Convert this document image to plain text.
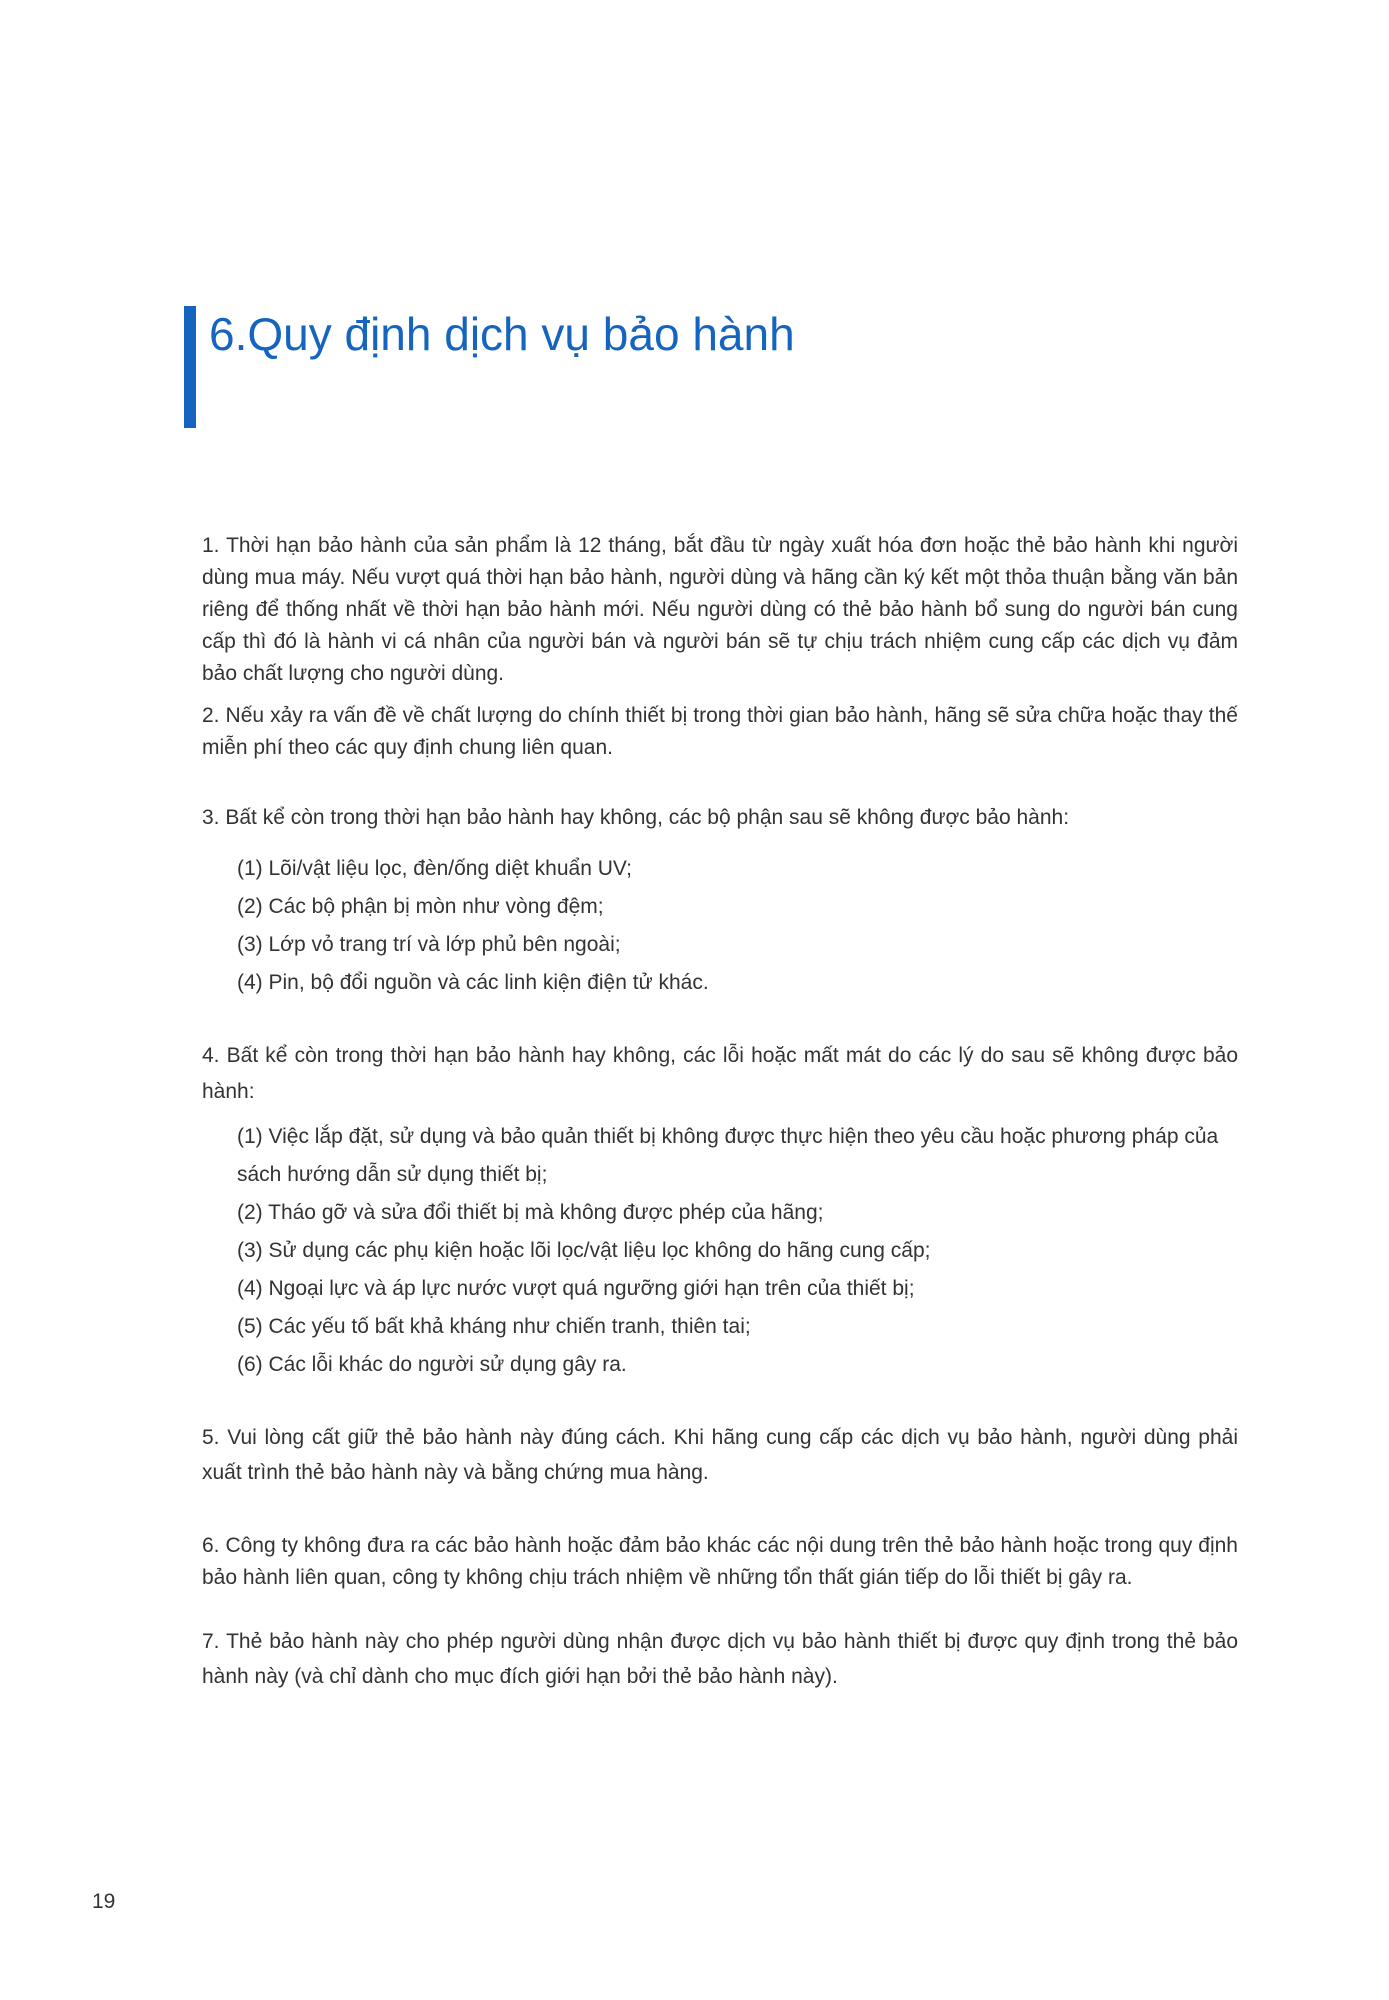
6.Quy định dịch vụ bảo hành

1. Thời hạn bảo hành của sản phẩm là 12 tháng, bắt đầu từ ngày xuất hóa đơn hoặc thẻ bảo hành khi người dùng mua máy. Nếu vượt quá thời hạn bảo hành, người dùng và hãng cần ký kết một thỏa thuận bằng văn bản riêng để thống nhất về thời hạn bảo hành mới. Nếu người dùng có thẻ bảo hành bổ sung do người bán cung cấp thì đó là hành vi cá nhân của người bán và người bán sẽ tự chịu trách nhiệm cung cấp các dịch vụ đảm bảo chất lượng cho người dùng.

2. Nếu xảy ra vấn đề về chất lượng do chính thiết bị trong thời gian bảo hành, hãng sẽ sửa chữa hoặc thay thế miễn phí theo các quy định chung liên quan.

3. Bất kể còn trong thời hạn bảo hành hay không, các bộ phận sau sẽ không được bảo hành:

(1) Lõi/vật liệu lọc, đèn/ống diệt khuẩn UV;

(2) Các bộ phận bị mòn như vòng đệm;

(3) Lớp vỏ trang trí và lớp phủ bên ngoài;

(4) Pin, bộ đổi nguồn và các linh kiện điện tử khác.

4. Bất kể còn trong thời hạn bảo hành hay không, các lỗi hoặc mất mát do các lý do sau sẽ không được bảo hành:

(1) Việc lắp đặt, sử dụng và bảo quản thiết bị không được thực hiện theo yêu cầu hoặc phương pháp của sách hướng dẫn sử dụng thiết bị;

(2) Tháo gỡ và sửa đổi thiết bị mà không được phép của hãng;

(3) Sử dụng các phụ kiện hoặc lõi lọc/vật liệu lọc không do hãng cung cấp;

(4) Ngoại lực và áp lực nước vượt quá ngưỡng giới hạn trên của thiết bị;

(5) Các yếu tố bất khả kháng như chiến tranh, thiên tai;

(6) Các lỗi khác do người sử dụng gây ra.

5. Vui lòng cất giữ thẻ bảo hành này đúng cách. Khi hãng cung cấp các dịch vụ bảo hành, người dùng phải xuất trình thẻ bảo hành này và bằng chứng mua hàng.

6. Công ty không đưa ra các bảo hành hoặc đảm bảo khác các nội dung trên thẻ bảo hành hoặc trong quy định bảo hành liên quan, công ty không chịu trách nhiệm về những tổn thất gián tiếp do lỗi thiết bị gây ra.

7. Thẻ bảo hành này cho phép người dùng nhận được dịch vụ bảo hành thiết bị được quy định trong thẻ bảo hành này (và chỉ dành cho mục đích giới hạn bởi thẻ bảo hành này).

19
